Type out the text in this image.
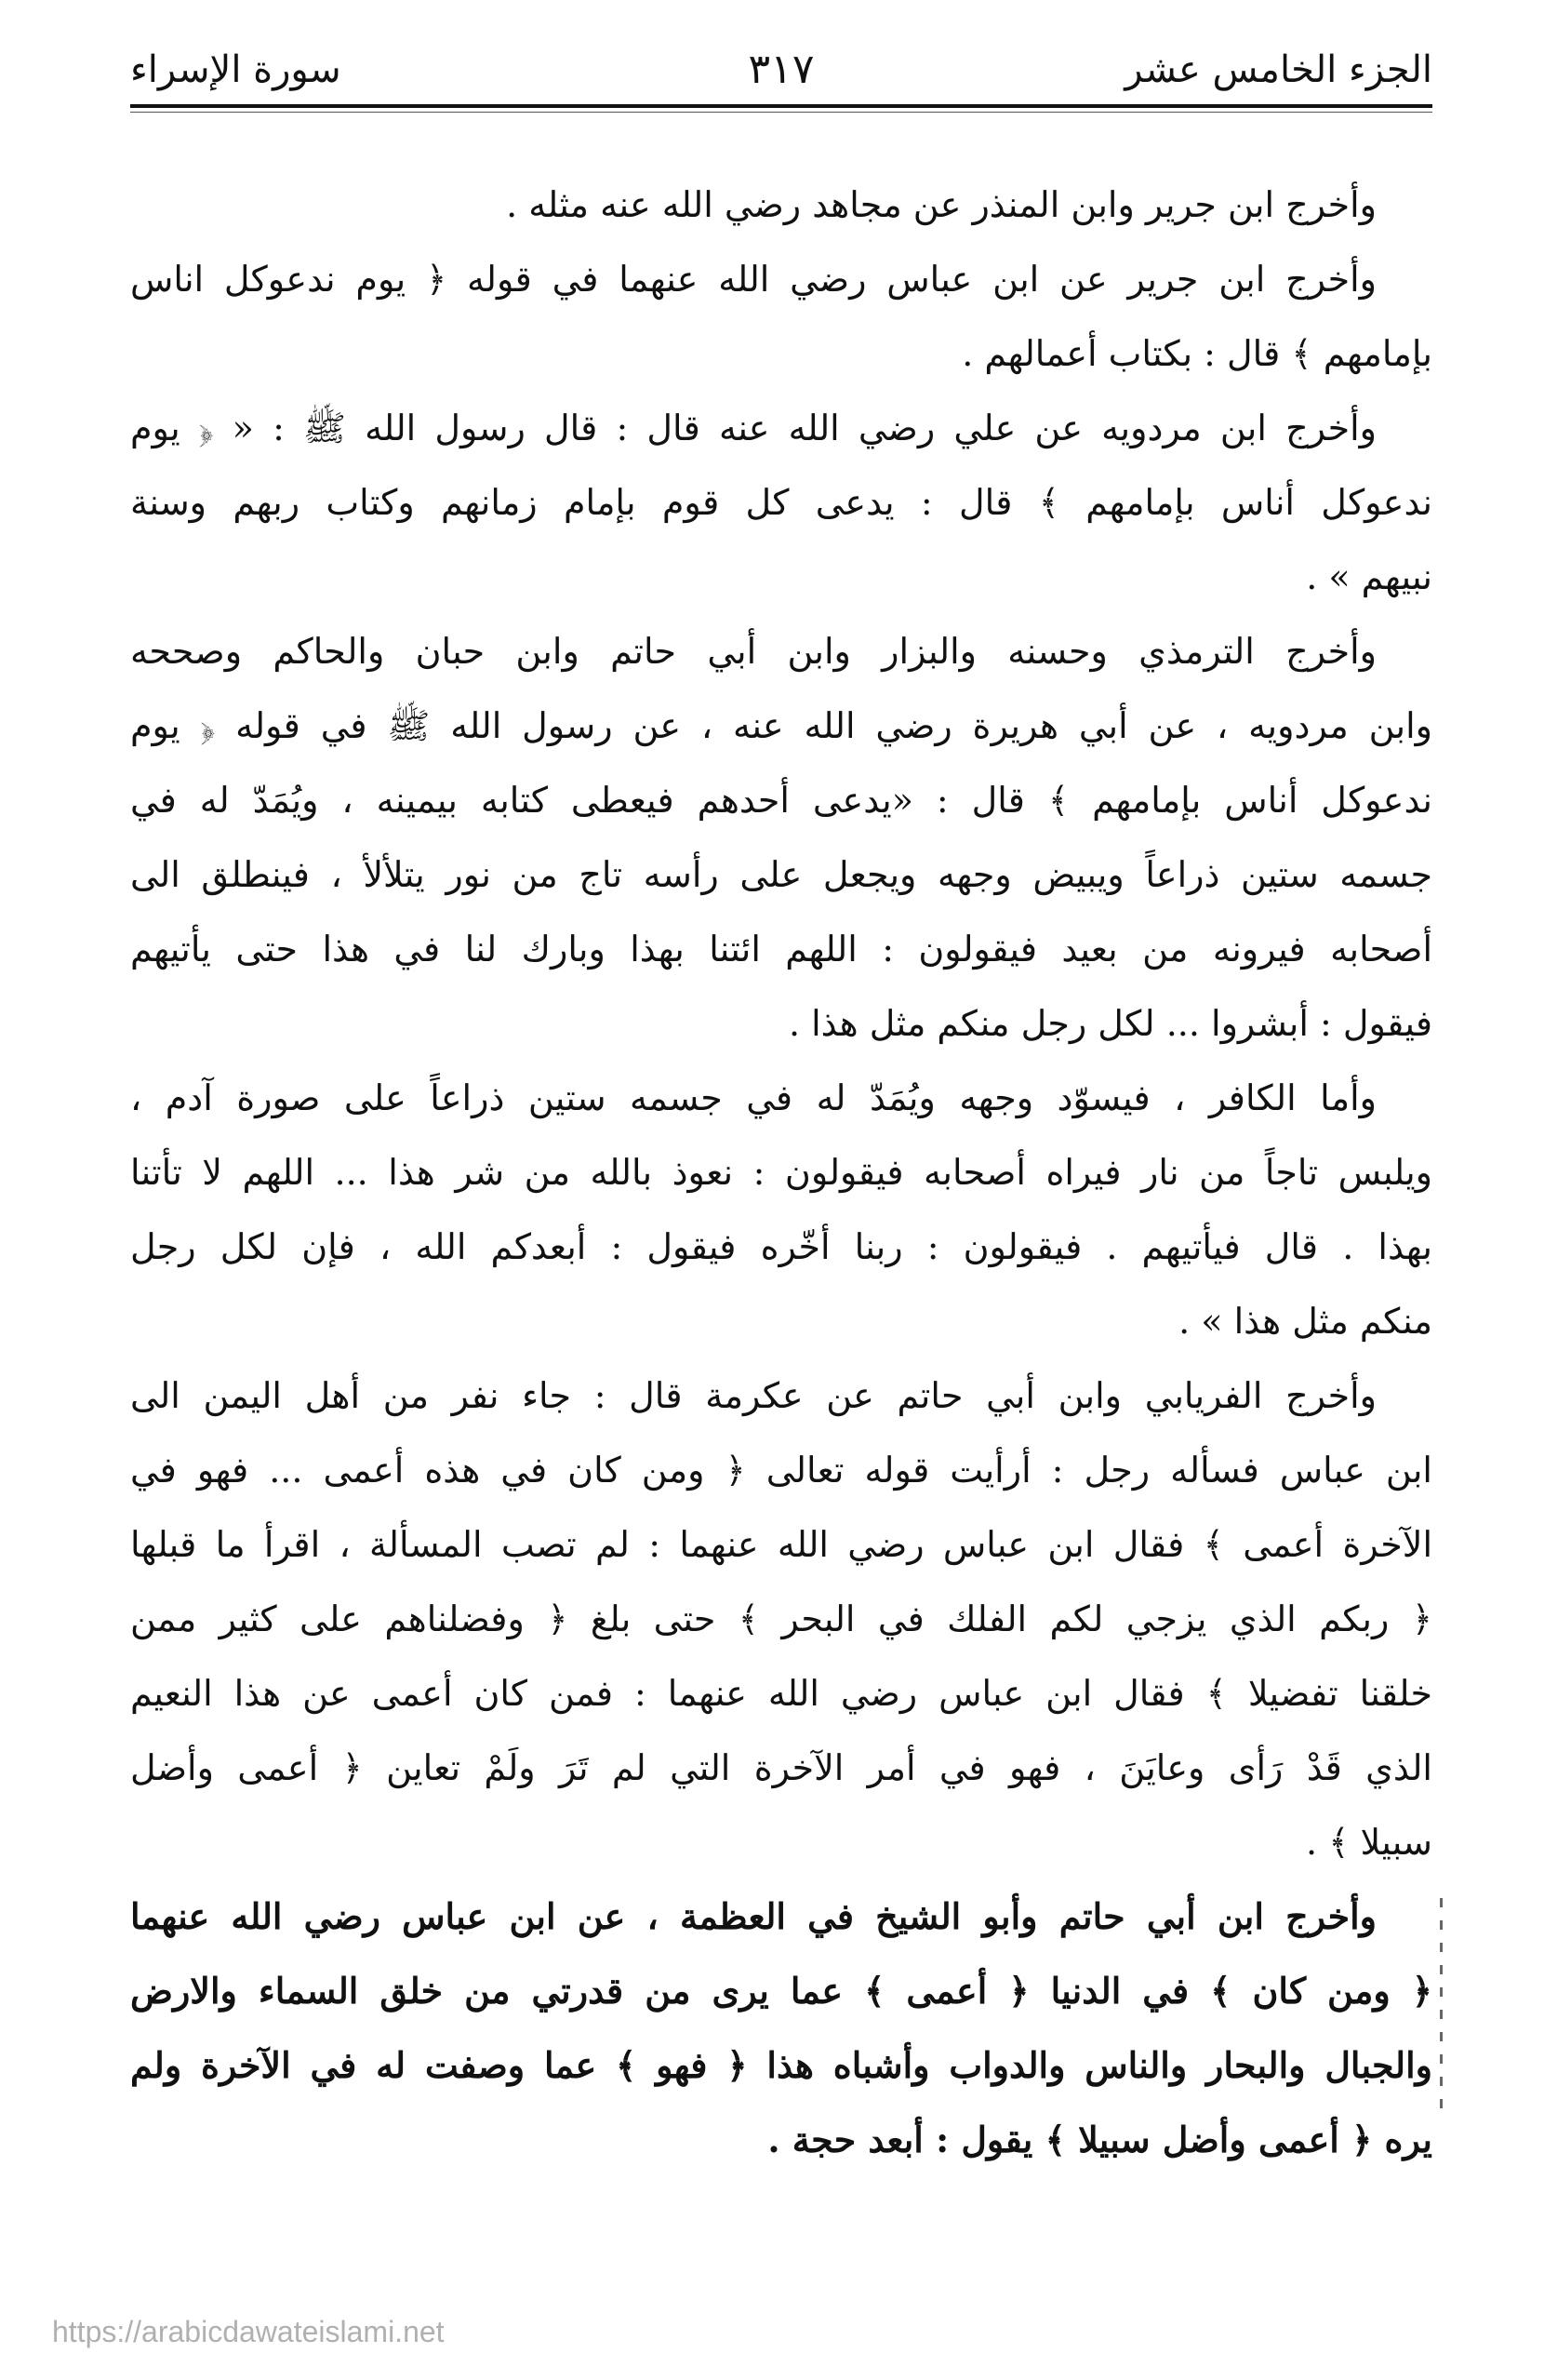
الجزء الخامس عشر
٣١٧
سورة الإسراء
وأخرج ابن جرير وابن المنذر عن مجاهد رضي الله عنه مثله .
وأخرج ابن جرير عن ابن عباس رضي الله عنهما في قوله ﴿ يوم ندعوكل اناس
بإمامهم ﴾ قال : بكتاب أعمالهم .
وأخرج ابن مردويه عن علي رضي الله عنه قال : قال رسول الله ﷺ : « ﴿ يوم
ندعوكل أناس بإمامهم ﴾ قال : يدعى كل قوم بإمام زمانهم وكتاب ربهم وسنة
نبيهم » .
وأخرج الترمذي وحسنه والبزار وابن أبي حاتم وابن حبان والحاكم وصححه
وابن مردويه ، عن أبي هريرة رضي الله عنه ، عن رسول الله ﷺ في قوله ﴿ يوم
ندعوكل أناس بإمامهم ﴾ قال : «يدعى أحدهم فيعطى كتابه بيمينه ، ويُمَدّ له في
جسمه ستين ذراعاً ويبيض وجهه ويجعل على رأسه تاج من نور يتلألأ ، فينطلق الى
أصحابه فيرونه من بعيد فيقولون : اللهم ائتنا بهذا وبارك لنا في هذا حتى يأتيهم
فيقول : أبشروا ... لكل رجل منكم مثل هذا .
وأما الكافر ، فيسوّد وجهه ويُمَدّ له في جسمه ستين ذراعاً على صورة آدم ،
ويلبس تاجاً من نار فيراه أصحابه فيقولون : نعوذ بالله من شر هذا ... اللهم لا تأتنا
بهذا . قال فيأتيهم . فيقولون : ربنا أخّره فيقول : أبعدكم الله ، فإن لكل رجل
منكم مثل هذا » .
وأخرج الفريابي وابن أبي حاتم عن عكرمة قال : جاء نفر من أهل اليمن الى
ابن عباس فسأله رجل : أرأيت قوله تعالى ﴿ ومن كان في هذه أعمى ... فهو في
الآخرة أعمى ﴾ فقال ابن عباس رضي الله عنهما : لم تصب المسألة ، اقرأ ما قبلها
﴿ ربكم الذي يزجي لكم الفلك في البحر ﴾ حتى بلغ ﴿ وفضلناهم على كثير ممن
خلقنا تفضيلا ﴾ فقال ابن عباس رضي الله عنهما : فمن كان أعمى عن هذا النعيم
الذي قَدْ رَأى وعايَنَ ، فهو في أمر الآخرة التي لم تَرَ ولَمْ تعاين ﴿ أعمى وأضل
سبيلا ﴾ .
وأخرج ابن أبي حاتم وأبو الشيخ في العظمة ، عن ابن عباس رضي الله عنهما
﴿ ومن كان ﴾ في الدنيا ﴿ أعمى ﴾ عما يرى من قدرتي من خلق السماء والارض
والجبال والبحار والناس والدواب وأشباه هذا ﴿ فهو ﴾ عما وصفت له في الآخرة ولم
يره ﴿ أعمى وأضل سبيلا ﴾ يقول : أبعد حجة .
https://arabicdawateislami.net
